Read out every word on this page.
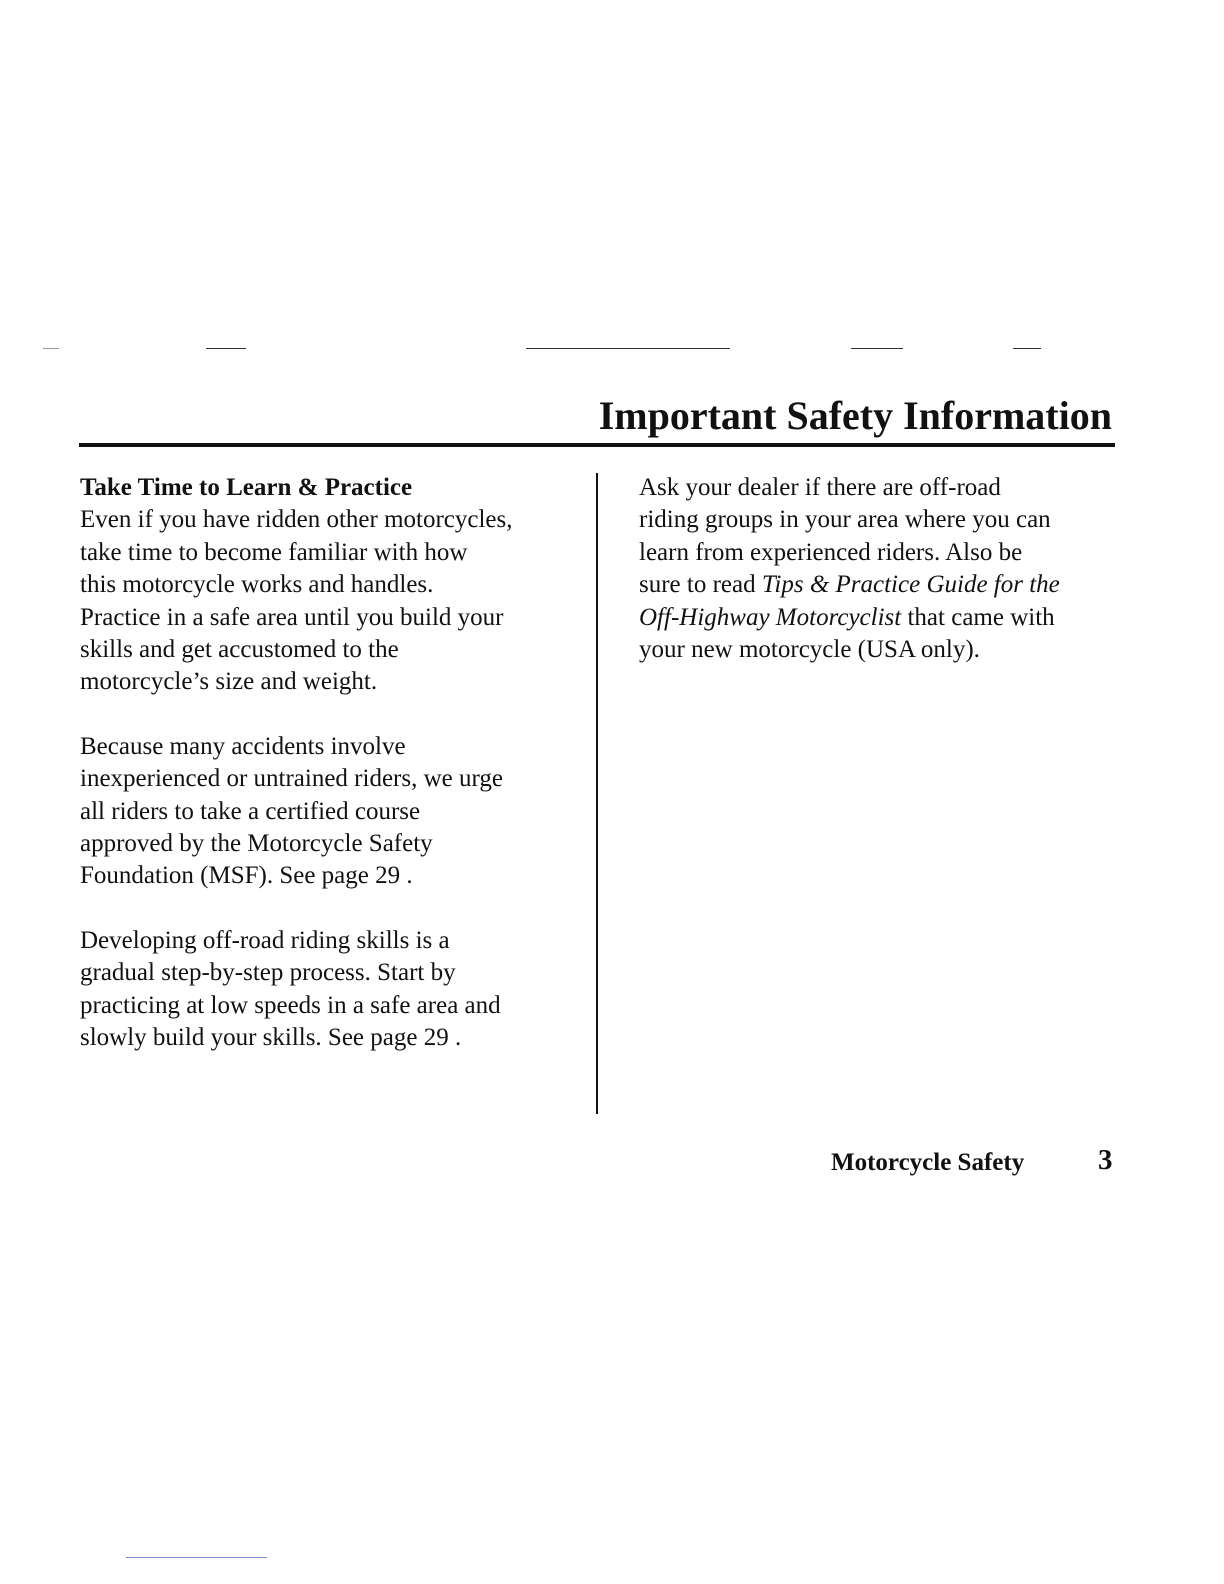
Important Safety Information

Take Time to Learn & Practice

Even if you have ridden other motorcycles,
take time to become familiar with how
this motorcycle works and handles.
Practice in a safe area until you build your
skills and get accustomed to the
motorcycle’s size and weight.

Because many accidents involve
inexperienced or untrained riders, we urge
all riders to take a certified course
approved by the Motorcycle Safety
Foundation (MSF). See page 29 .

Developing off-road riding skills is a
gradual step-by-step process. Start by
practicing at low speeds in a safe area and
slowly build your skills. See page 29 .

Ask your dealer if there are off-road
riding groups in your area where you can
learn from experienced riders. Also be
sure to read Tips & Practice Guide for the
Off-Highway Motorcyclist that came with
your new motorcycle (USA only).

Motorcycle Safety	3
